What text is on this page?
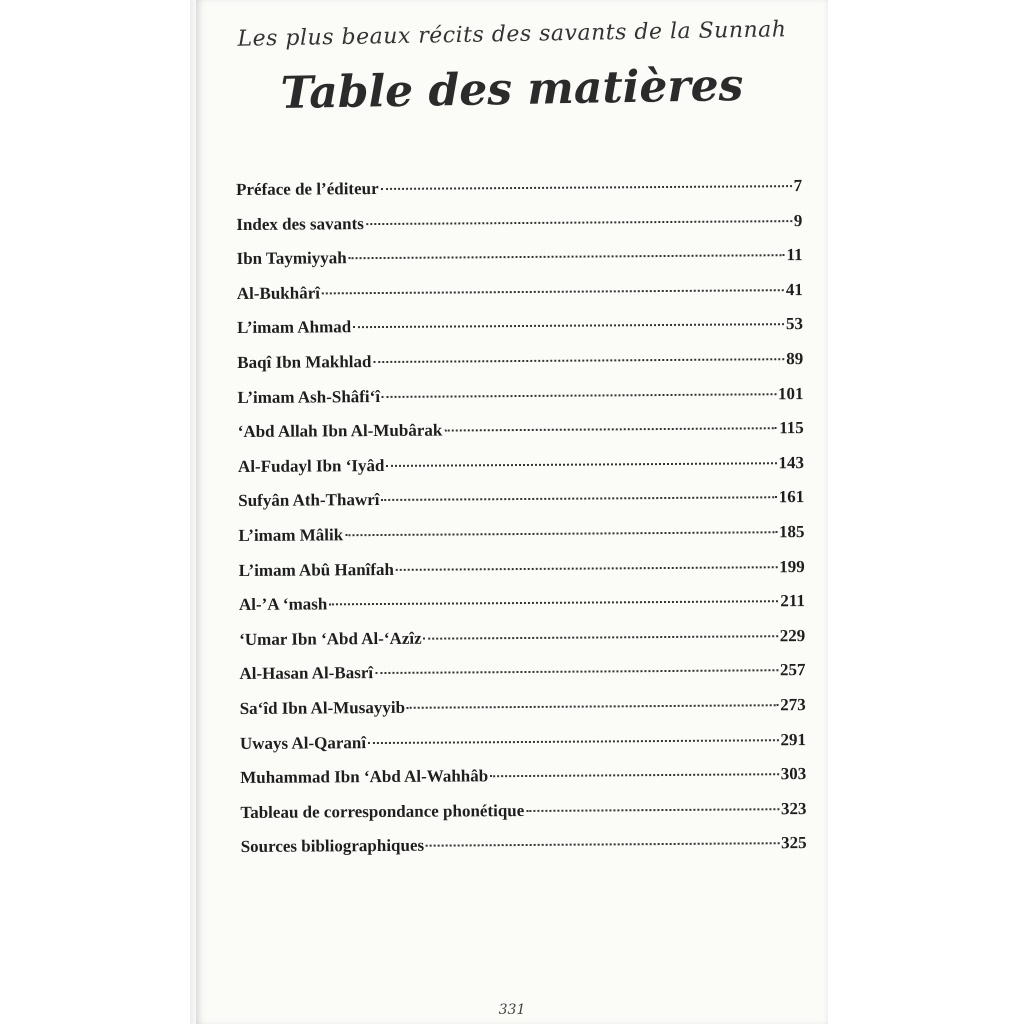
Les plus beaux récits des savants de la Sunnah
Table des matières
Préface de l’éditeur	7
Index des savants	9
Ibn Taymiyyah	11
Al-Bukhârî	41
L’imam Ahmad	53
Baqî Ibn Makhlad	89
L’imam Ash-Shâfi‘î	101
‘Abd Allah Ibn Al-Mubârak	115
Al-Fudayl Ibn ‘Iyâd	143
Sufyân Ath-Thawrî	161
L’imam Mâlik	185
L’imam Abû Hanîfah	199
Al-’A ‘mash	211
‘Umar Ibn ‘Abd Al-‘Azîz	229
Al-Hasan Al-Basrî	257
Sa‘îd Ibn Al-Musayyib	273
Uways Al-Qaranî	291
Muhammad Ibn ‘Abd Al-Wahhâb	303
Tableau de correspondance phonétique	323
Sources bibliographiques	325
331
